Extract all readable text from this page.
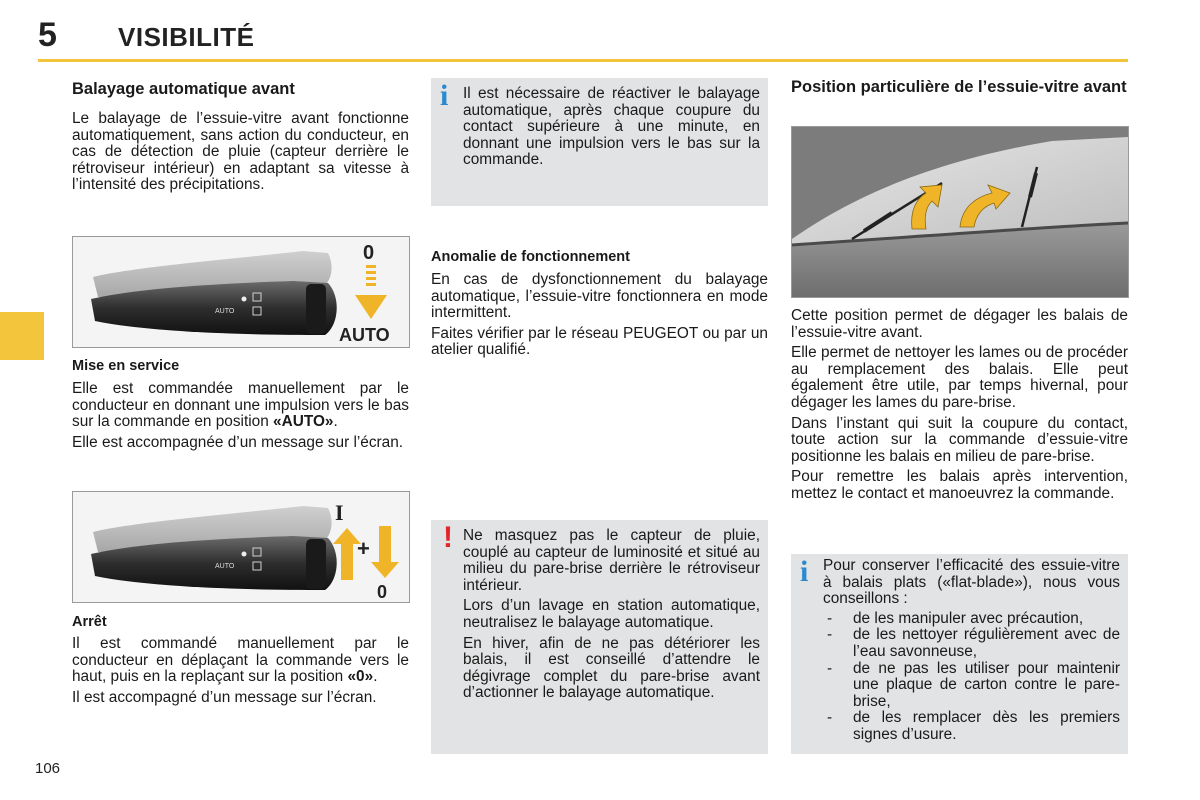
5 VISIBILITÉ
106
Balayage automatique avant

Le balayage de l’essuie-vitre avant fonctionne automatiquement, sans action du conducteur, en cas de détection de pluie (capteur derrière le rétroviseur intérieur) en adaptant sa vitesse à l’intensité des précipitations.

AUTO
0
AUTO
Mise en service

Elle est commandée manuellement par le conducteur en donnant une impulsion vers le bas sur la commande en position «AUTO».

Elle est accompagnée d’un message sur l’écran.

AUTO
I
+
0
Arrêt

Il est commandé manuellement par le conducteur en déplaçant la commande vers le haut, puis en la replaçant sur la position «0».

Il est accompagné d’un message sur l’écran.

i Il est nécessaire de réactiver le balayage automatique, après chaque coupure du contact supérieure à une minute, en donnant une impulsion vers le bas sur la commande.

Anomalie de fonctionnement

En cas de dysfonctionnement du balayage automatique, l’essuie-vitre fonctionnera en mode intermittent.

Faites vérifier par le réseau PEUGEOT ou par un atelier qualifié.

! Ne masquez pas le capteur de pluie, couplé au capteur de luminosité et situé au milieu du pare-brise derrière le rétroviseur intérieur.

Lors d’un lavage en station automatique, neutralisez le balayage automatique.

En hiver, afin de ne pas détériorer les balais, il est conseillé d’attendre le dégivrage complet du pare-brise avant d’actionner le balayage automatique.

Position particulière de l’essuie-vitre avant

Cette position permet de dégager les balais de l’essuie-vitre avant.

Elle permet de nettoyer les lames ou de procéder au remplacement des balais. Elle peut également être utile, par temps hivernal, pour dégager les lames du pare-brise.

Dans l’instant qui suit la coupure du contact, toute action sur la commande d’essuie-vitre positionne les balais en milieu de pare-brise.

Pour remettre les balais après intervention, mettez le contact et manoeuvrez la commande.

i Pour conserver l’efficacité des essuie-vitre à balais plats («flat-blade»), nous vous conseillons :

- de les manipuler avec précaution,
- de les nettoyer régulièrement avec de l’eau savonneuse,
- de ne pas les utiliser pour maintenir une plaque de carton contre le pare-brise,
- de les remplacer dès les premiers signes d’usure.
